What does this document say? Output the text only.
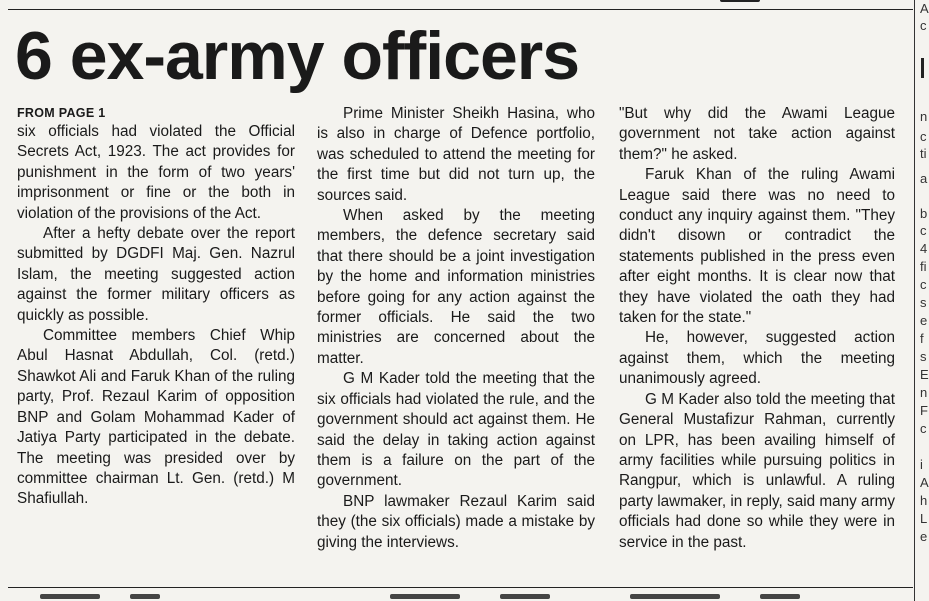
6 ex-army officers
FROM PAGE 1

six officials had violated the Official Secrets Act, 1923. The act provides for punishment in the form of two years' imprisonment or fine or the both in violation of the provisions of the Act.

After a hefty debate over the report submitted by DGDFI Maj. Gen. Nazrul Islam, the meeting suggested action against the former military officers as quickly as possible.

Committee members Chief Whip Abul Hasnat Abdullah, Col. (retd.) Shawkot Ali and Faruk Khan of the ruling party, Prof. Rezaul Karim of opposition BNP and Golam Mohammad Kader of Jatiya Party participated in the debate. The meeting was presided over by committee chairman Lt. Gen. (retd.) M Shafiullah.

Prime Minister Sheikh Hasina, who is also in charge of Defence portfolio, was scheduled to attend the meeting for the first time but did not turn up, the sources said.

When asked by the meeting members, the defence secretary said that there should be a joint investigation by the home and information ministries before going for any action against the former officials. He said the two ministries are concerned about the matter.

G M Kader told the meeting that the six officials had violated the rule, and the government should act against them. He said the delay in taking action against them is a failure on the part of the government.

BNP lawmaker Rezaul Karim said they (the six officials) made a mistake by giving the interviews.

"But why did the Awami League government not take action against them?" he asked.

Faruk Khan of the ruling Awami League said there was no need to conduct any inquiry against them. "They didn't disown or contradict the statements published in the press even after eight months. It is clear now that they have violated the oath they had taken for the state."

He, however, suggested action against them, which the meeting unanimously agreed.

G M Kader also told the meeting that General Mustafizur Rahman, currently on LPR, has been availing himself of army facilities while pursuing politics in Rangpur, which is unlawful. A ruling party lawmaker, in reply, said many army officials had done so while they were in service in the past.

A
c
n
c
ti
a
b
c
4
fi
c
s
e
f
s
E
n
F
c
i
A
h
L
e
